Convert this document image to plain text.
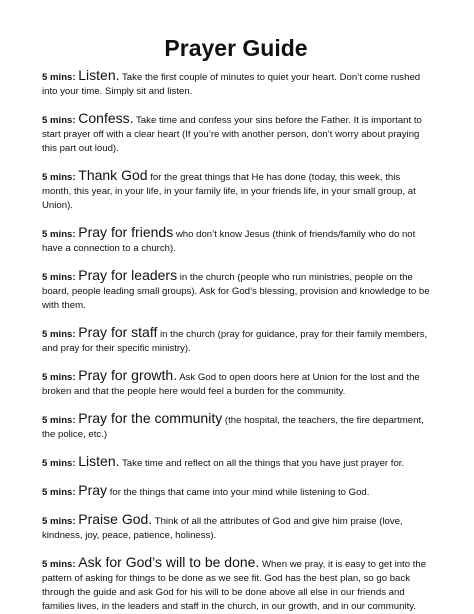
Prayer Guide

5 mins: Listen. Take the first couple of minutes to quiet your heart. Don’t come rushed into your time. Simply sit and listen.

5 mins: Confess. Take time and confess your sins before the Father. It is important to start prayer off with a clear heart (If you’re with another person, don’t worry about praying this part out loud).

5 mins: Thank God for the great things that He has done (today, this week, this month, this year, in your life, in your family life, in your friends life, in your small group, at Union).

5 mins: Pray for friends who don’t know Jesus (think of friends/family who do not have a connection to a church).

5 mins: Pray for leaders in the church (people who run ministries, people on the board, people leading small groups). Ask for God’s blessing, provision and knowledge to be with them.

5 mins: Pray for staff in the church (pray for guidance, pray for their family members, and pray for their specific ministry).

5 mins: Pray for growth. Ask God to open doors here at Union for the lost and the broken and that the people here would feel a burden for the community.

5 mins: Pray for the community (the hospital, the teachers, the fire department, the police, etc.)

5 mins: Listen. Take time and reflect on all the things that you have just prayer for.

5 mins: Pray for the things that came into your mind while listening to God.

5 mins: Praise God. Think of all the attributes of God and give him praise (love, kindness, joy, peace, patience, holiness).

5 mins: Ask for God’s will to be done. When we pray, it is easy to get into the pattern of asking for things to be done as we see fit. God has the best plan, so go back through the guide and ask God for his will to be done above all else in our friends and families lives, in the leaders and staff in the church, in our growth, and in our community.
